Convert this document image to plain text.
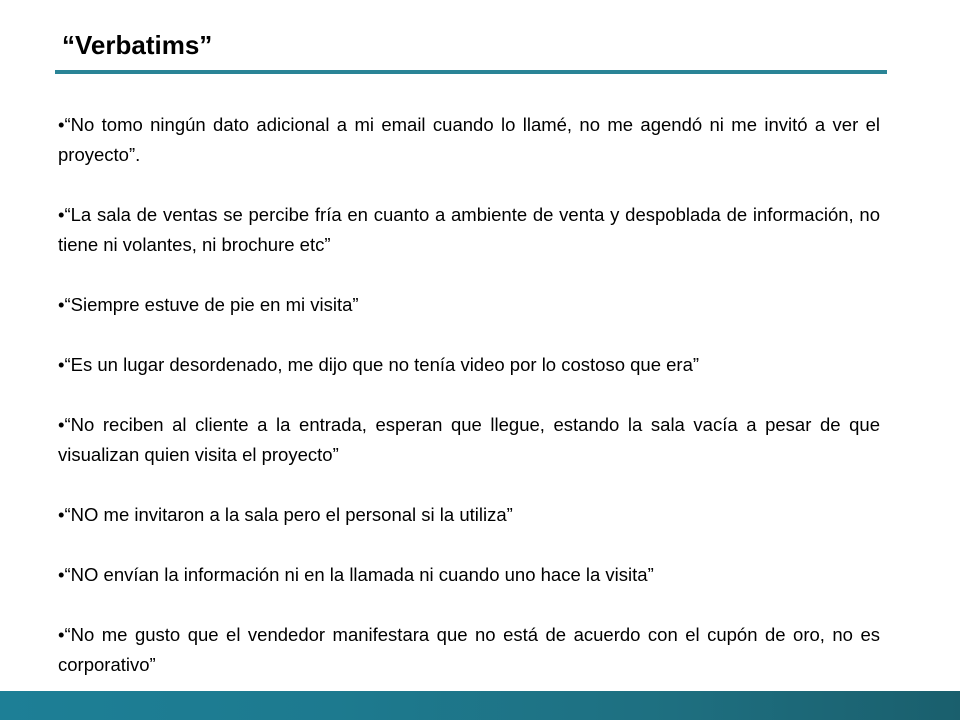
“Verbatims”
•“No tomo ningún dato adicional a mi email cuando lo llamé, no me agendó ni me invitó a ver el proyecto”.
•“La sala de ventas se percibe fría en cuanto a ambiente de venta y despoblada de información, no tiene ni volantes, ni brochure etc”
•“Siempre estuve de pie en mi visita”
•“Es un lugar desordenado, me dijo que no tenía video por lo costoso que era”
•“No reciben al cliente a la entrada, esperan que llegue, estando la sala vacía a pesar de que visualizan quien visita el proyecto”
•“NO me invitaron a la sala pero el personal si la utiliza”
•“NO envían la información ni en la llamada ni cuando uno hace la visita”
•“No me gusto que el vendedor manifestara que no está de acuerdo con el cupón de oro, no es corporativo”
